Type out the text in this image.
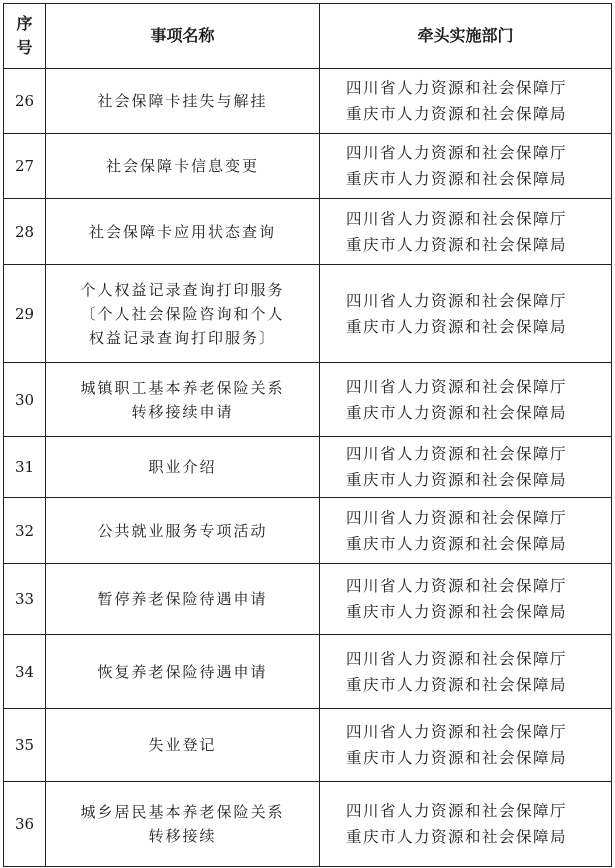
序
号	事项名称	牵头实施部门
26	社会保障卡挂失与解挂	四川省人力资源和社会保障厅
重庆市人力资源和社会保障局

27	社会保障卡信息变更	四川省人力资源和社会保障厅
重庆市人力资源和社会保障局

28	社会保障卡应用状态查询	四川省人力资源和社会保障厅
重庆市人力资源和社会保障局

29	个人权益记录查询打印服务
〔个人社会保险咨询和个人
权益记录查询打印服务〕	四川省人力资源和社会保障厅
重庆市人力资源和社会保障局

30	城镇职工基本养老保险关系
转移接续申请	四川省人力资源和社会保障厅
重庆市人力资源和社会保障局

31	职业介绍	四川省人力资源和社会保障厅
重庆市人力资源和社会保障局

32	公共就业服务专项活动	四川省人力资源和社会保障厅
重庆市人力资源和社会保障局

33	暂停养老保险待遇申请	四川省人力资源和社会保障厅
重庆市人力资源和社会保障局

34	恢复养老保险待遇申请	四川省人力资源和社会保障厅
重庆市人力资源和社会保障局

35	失业登记	四川省人力资源和社会保障厅
重庆市人力资源和社会保障局

36	城乡居民基本养老保险关系
转移接续	四川省人力资源和社会保障厅
重庆市人力资源和社会保障局
